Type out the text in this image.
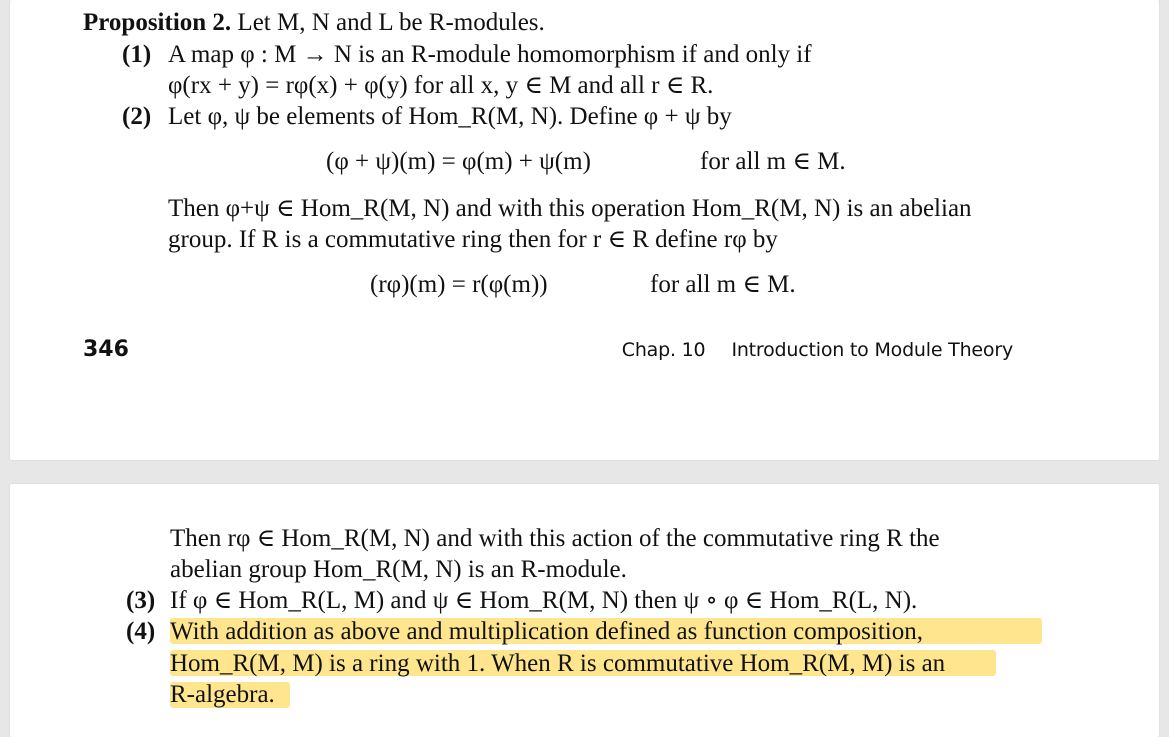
Proposition 2. Let M, N and L be R-modules.
(1) A map φ : M → N is an R-module homomorphism if and only if
φ(rx + y) = rφ(x) + φ(y) for all x, y ∈ M and all r ∈ R.
(2) Let φ, ψ be elements of Hom_R(M, N). Define φ + ψ by
(φ + ψ)(m) = φ(m) + ψ(m)	for all m ∈ M.
Then φ+ψ ∈ Hom_R(M, N) and with this operation Hom_R(M, N) is an abelian
group. If R is a commutative ring then for r ∈ R define rφ by
(rφ)(m) = r(φ(m))	for all m ∈ M.
346	Chap. 10 Introduction to Module Theory
Then rφ ∈ Hom_R(M, N) and with this action of the commutative ring R the
abelian group Hom_R(M, N) is an R-module.
(3) If φ ∈ Hom_R(L, M) and ψ ∈ Hom_R(M, N) then ψ ∘ φ ∈ Hom_R(L, N).
(4) With addition as above and multiplication defined as function composition,
Hom_R(M, M) is a ring with 1. When R is commutative Hom_R(M, M) is an
R-algebra.
